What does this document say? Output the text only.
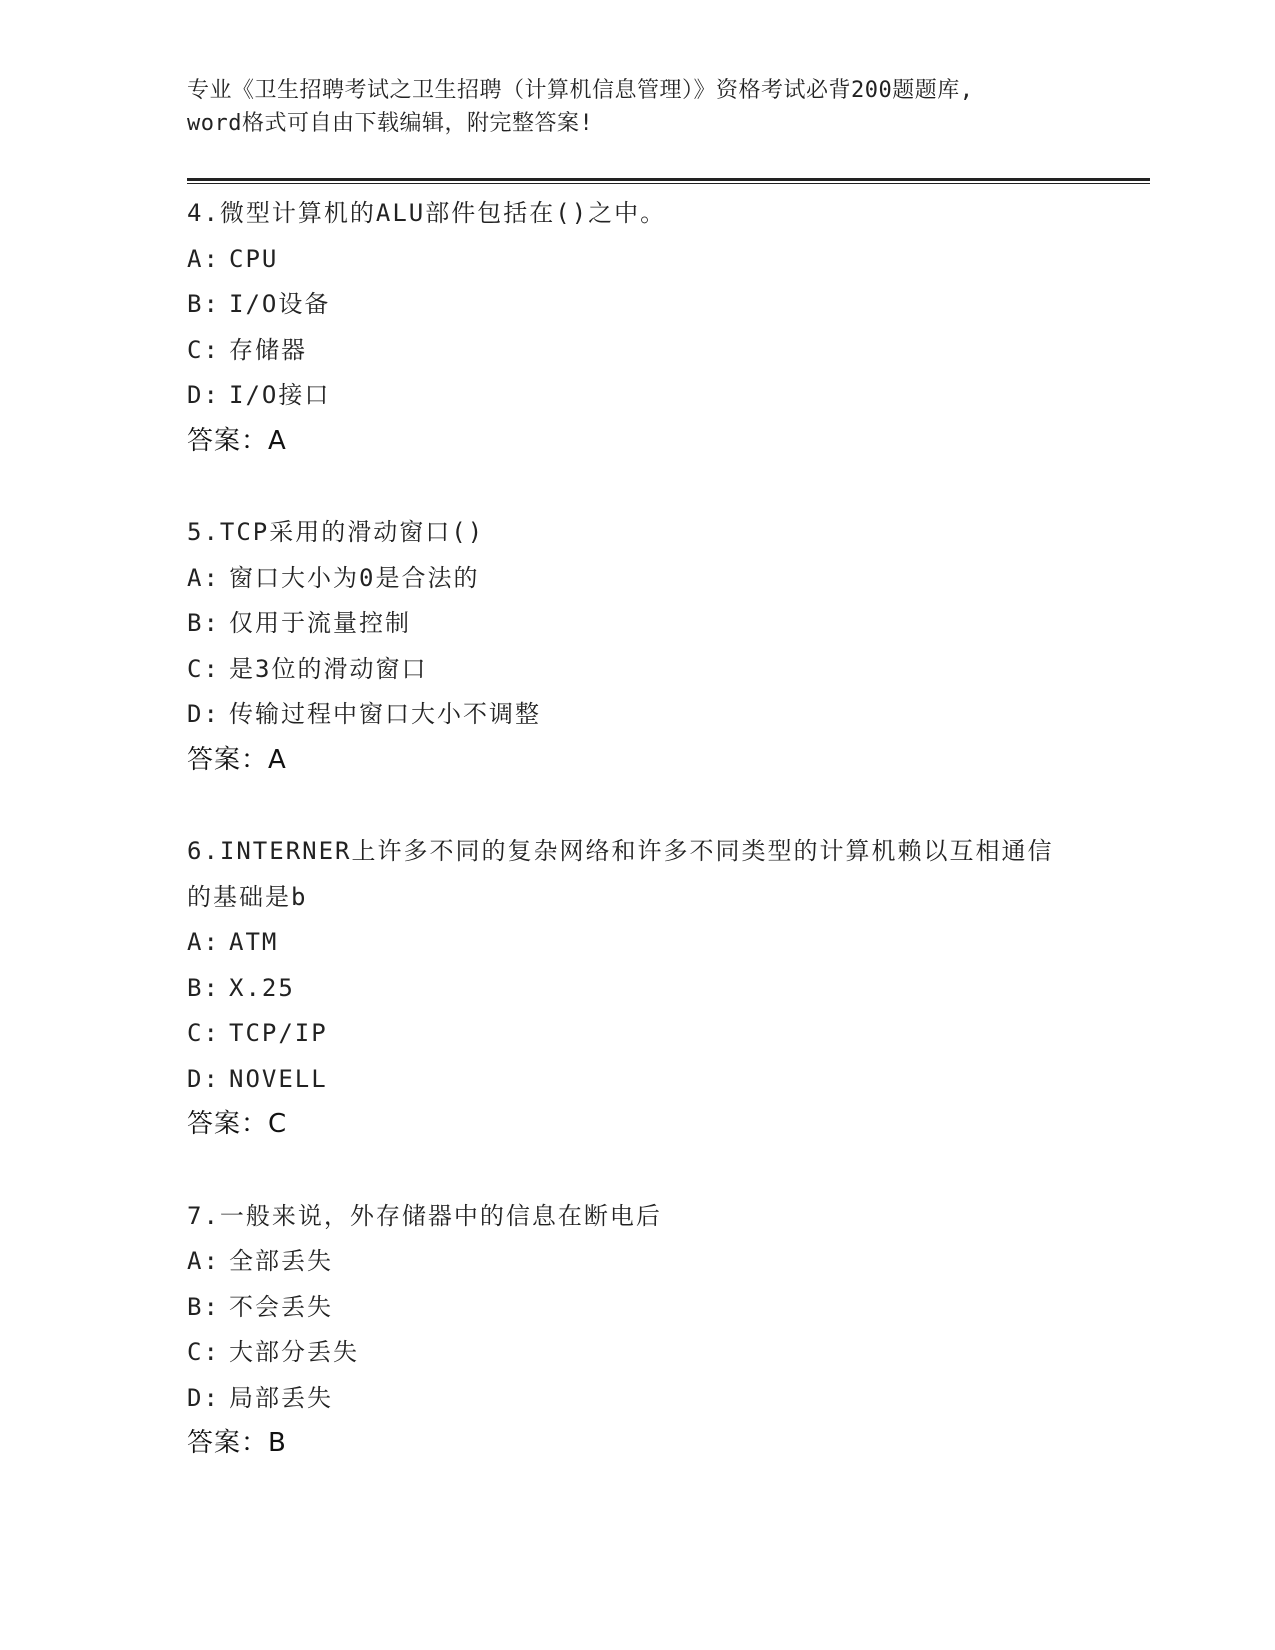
专业《卫生招聘考试之卫生招聘（计算机信息管理）》资格考试必背200题题库,
word格式可自由下载编辑，附完整答案!
4.微型计算机的ALU部件包括在()之中。
A: CPU
B: I/O设备
C: 存储器
D: I/O接口
答案：A
5.TCP采用的滑动窗口()
A: 窗口大小为0是合法的
B: 仅用于流量控制
C: 是3位的滑动窗口
D: 传输过程中窗口大小不调整
答案：A
6.INTERNER上许多不同的复杂网络和许多不同类型的计算机赖以互相通信的基础是b
A: ATM
B: X.25
C: TCP/IP
D: NOVELL
答案：C
7.一般来说，外存储器中的信息在断电后
A: 全部丢失
B: 不会丢失
C: 大部分丢失
D: 局部丢失
答案：B
